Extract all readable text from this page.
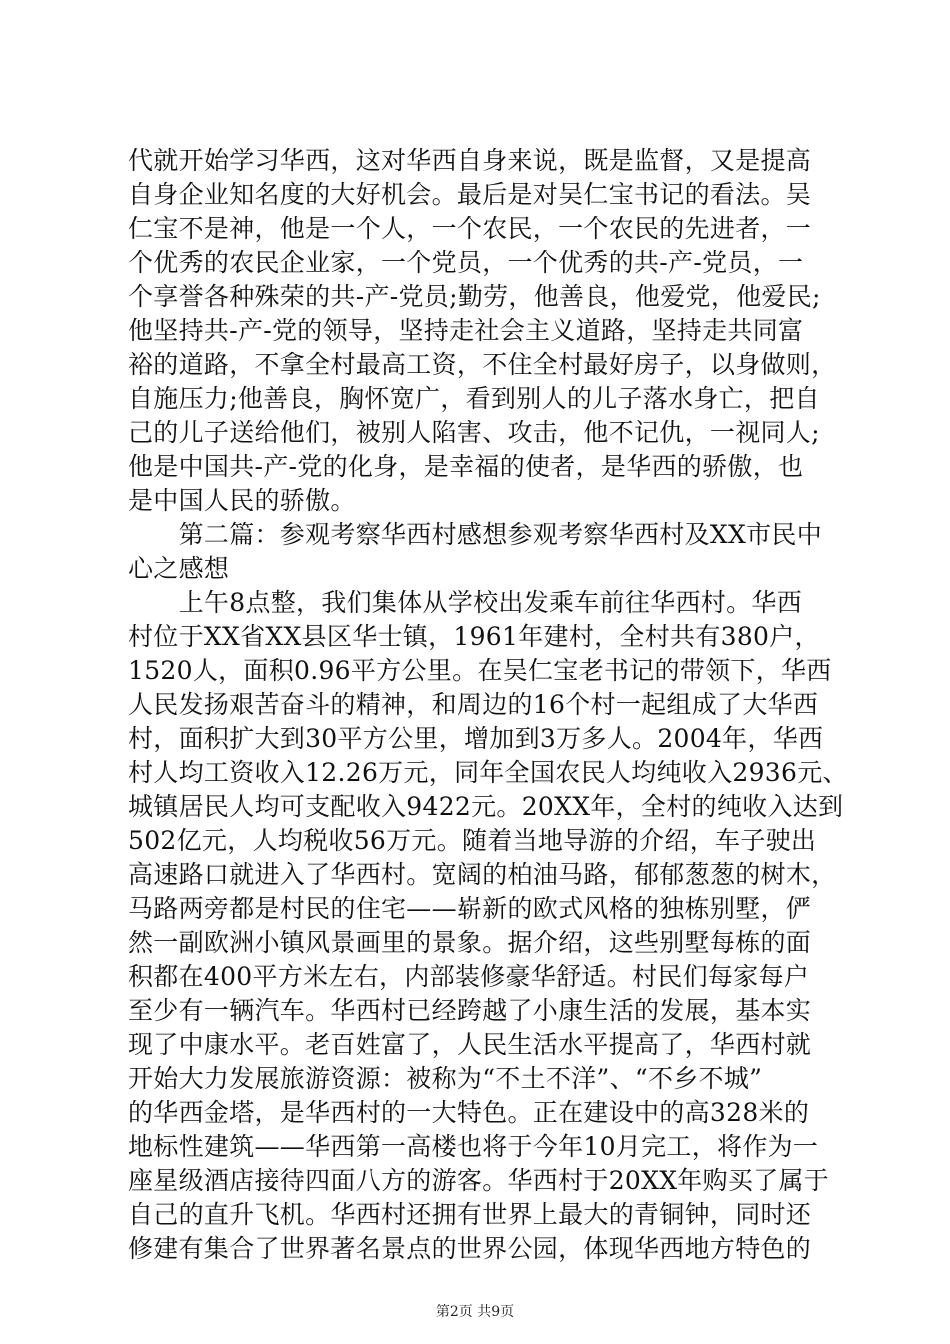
代就开始学习华西，这对华西自身来说，既是监督，又是提高
自身企业知名度的大好机会。最后是对吴仁宝书记的看法。吴
仁宝不是神，他是一个人，一个农民，一个农民的先进者，一
个优秀的农民企业家，一个党员，一个优秀的共-产-党员，一
个享誉各种殊荣的共-产-党员;勤劳，他善良，他爱党，他爱民;
他坚持共-产-党的领导，坚持走社会主义道路，坚持走共同富
裕的道路，不拿全村最高工资，不住全村最好房子，以身做则，
自施压力;他善良，胸怀宽广，看到别人的儿子落水身亡，把自
己的儿子送给他们，被别人陷害、攻击，他不记仇，一视同人;
他是中国共-产-党的化身，是幸福的使者，是华西的骄傲，也
是中国人民的骄傲。
　　第二篇：参观考察华西村感想参观考察华西村及XX市民中
心之感想
　　上午8点整，我们集体从学校出发乘车前往华西村。华西
村位于XX省XX县区华士镇，1961年建村，全村共有380户，
1520人，面积0.96平方公里。在吴仁宝老书记的带领下，华西
人民发扬艰苦奋斗的精神，和周边的16个村一起组成了大华西
村，面积扩大到30平方公里，增加到3万多人。2004年，华西
村人均工资收入12.26万元，同年全国农民人均纯收入2936元、
城镇居民人均可支配收入9422元。20XX年，全村的纯收入达到
502亿元，人均税收56万元。随着当地导游的介绍，车子驶出
高速路口就进入了华西村。宽阔的柏油马路，郁郁葱葱的树木，
马路两旁都是村民的住宅——崭新的欧式风格的独栋别墅，俨
然一副欧洲小镇风景画里的景象。据介绍，这些别墅每栋的面
积都在400平方米左右，内部装修豪华舒适。村民们每家每户
至少有一辆汽车。华西村已经跨越了小康生活的发展，基本实
现了中康水平。老百姓富了，人民生活水平提高了，华西村就
开始大力发展旅游资源：被称为“不土不洋”、“不乡不城”
的华西金塔，是华西村的一大特色。正在建设中的高328米的
地标性建筑——华西第一高楼也将于今年10月完工，将作为一
座星级酒店接待四面八方的游客。华西村于20XX年购买了属于
自己的直升飞机。华西村还拥有世界上最大的青铜钟，同时还
修建有集合了世界著名景点的世界公园，体现华西地方特色的
第2页 共9页
